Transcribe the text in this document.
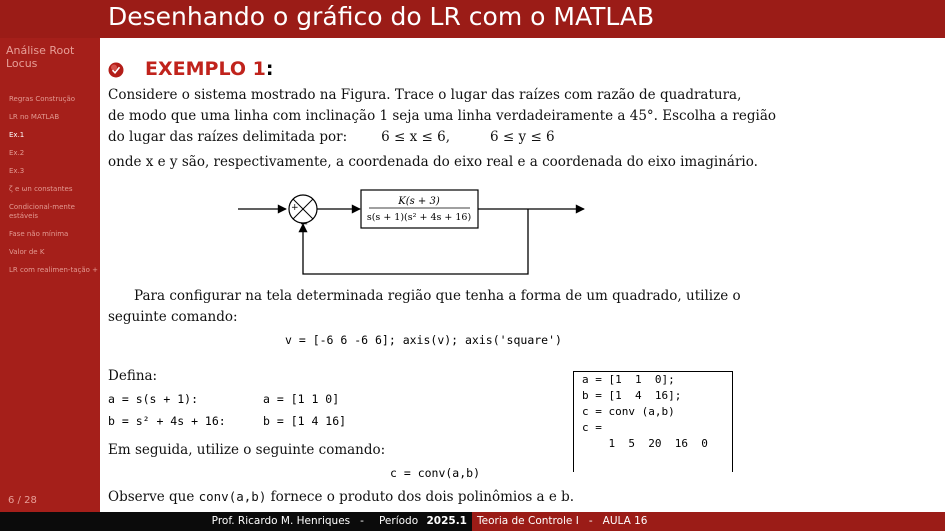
Desenhando o gráfico do LR com o MATLAB
Análise Root Locus
Regras Construção
LR no MATLAB
Ex.1
Ex.2
Ex.3
ζ e ωn constantes
Condicional-mente estáveis
Fase não mínima
Valor de K
LR com realimen-tação +
6 / 28
EXEMPLO 1:
Considere o sistema mostrado na Figura. Trace o lugar das raízes com razão de quadratura,
de modo que uma linha com inclinação 1 seja uma linha verdadeiramente a 45°. Escolha a região
do lugar das raízes delimitada por:	6 ≤ x ≤ 6,	6 ≤ y ≤ 6
onde x e y são, respectivamente, a coordenada do eixo real e a coordenada do eixo imaginário.
+
−
K(s + 3)
s(s + 1)(s² + 4s + 16)
Para configurar na tela determinada região que tenha a forma de um quadrado, utilize o
seguinte comando:
v = [-6 6 -6 6]; axis(v); axis('square')
Defina:
a = s(s + 1):	a = [1 1 0]
b = s² + 4s + 16:	b = [1 4 16]
a = [1  1  0];
b = [1  4  16];
c = conv (a,b)
c =
1  5  20  16  0
Em seguida, utilize o seguinte comando:
c = conv(a,b)
Observe que conv(a,b) fornece o produto dos dois polinômios a e b.
Prof. Ricardo M. Henriques - Período 2025.1 Teoria de Controle I - AULA 16
